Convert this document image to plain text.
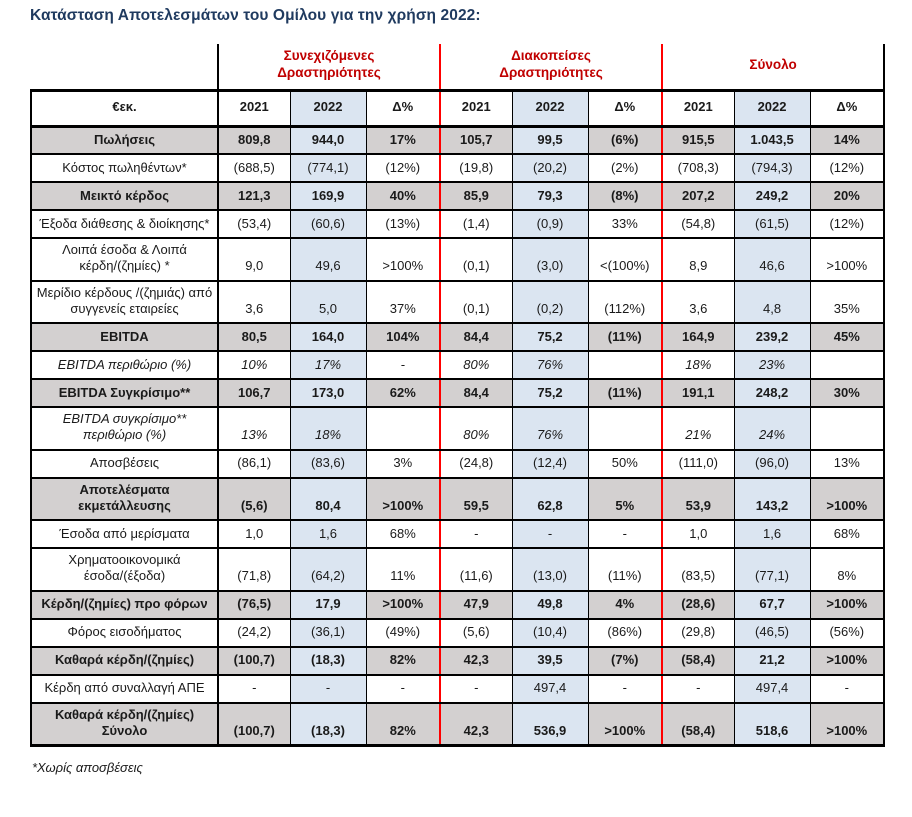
Κατάσταση Αποτελεσμάτων του Ομίλου για την χρήση 2022:

	Συνεχιζόμενες Δραστηριότητες			Διακοπείσες Δραστηριότητες			Σύνολο		

€εκ.	2021	2022	Δ%	2021	2022	Δ%	2021	2022	Δ%
Πωλήσεις	809,8	944,0	17%	105,7	99,5	(6%)	915,5	1.043,5	14%
Κόστος πωληθέντων*	(688,5)	(774,1)	(12%)	(19,8)	(20,2)	(2%)	(708,3)	(794,3)	(12%)
Μεικτό κέρδος	121,3	169,9	40%	85,9	79,3	(8%)	207,2	249,2	20%
Έξοδα διάθεσης & διοίκησης*	(53,4)	(60,6)	(13%)	(1,4)	(0,9)	33%	(54,8)	(61,5)	(12%)
Λοιπά έσοδα & Λοιπά κέρδη/(ζημίες) *	9,0	49,6	>100%	(0,1)	(3,0)	<(100%)	8,9	46,6	>100%
Μερίδιο κέρδους /(ζημιάς) από συγγενείς εταιρείες	3,6	5,0	37%	(0,1)	(0,2)	(112%)	3,6	4,8	35%
EBITDA	80,5	164,0	104%	84,4	75,2	(11%)	164,9	239,2	45%
EBITDA περιθώριο (%)	10%	17%	-	80%	76%		18%	23%	
EBITDA Συγκρίσιμο**	106,7	173,0	62%	84,4	75,2	(11%)	191,1	248,2	30%
EBITDA συγκρίσιμο** περιθώριο (%)	13%	18%		80%	76%		21%	24%	
Αποσβέσεις	(86,1)	(83,6)	3%	(24,8)	(12,4)	50%	(111,0)	(96,0)	13%
Αποτελέσματα εκμετάλλευσης	(5,6)	80,4	>100%	59,5	62,8	5%	53,9	143,2	>100%
Έσοδα από μερίσματα	1,0	1,6	68%	-	-	-	1,0	1,6	68%
Χρηματοοικονομικά έσοδα/(έξοδα)	(71,8)	(64,2)	11%	(11,6)	(13,0)	(11%)	(83,5)	(77,1)	8%
Κέρδη/(ζημίες) προ φόρων	(76,5)	17,9	>100%	47,9	49,8	4%	(28,6)	67,7	>100%
Φόρος εισοδήματος	(24,2)	(36,1)	(49%)	(5,6)	(10,4)	(86%)	(29,8)	(46,5)	(56%)
Καθαρά κέρδη/(ζημίες)	(100,7)	(18,3)	82%	42,3	39,5	(7%)	(58,4)	21,2	>100%
Κέρδη από συναλλαγή ΑΠΕ	-	-	-	-	497,4	-	-	497,4	-
Καθαρά κέρδη/(ζημίες) Σύνολο	(100,7)	(18,3)	82%	42,3	536,9	>100%	(58,4)	518,6	>100%
*Χωρίς αποσβέσεις
